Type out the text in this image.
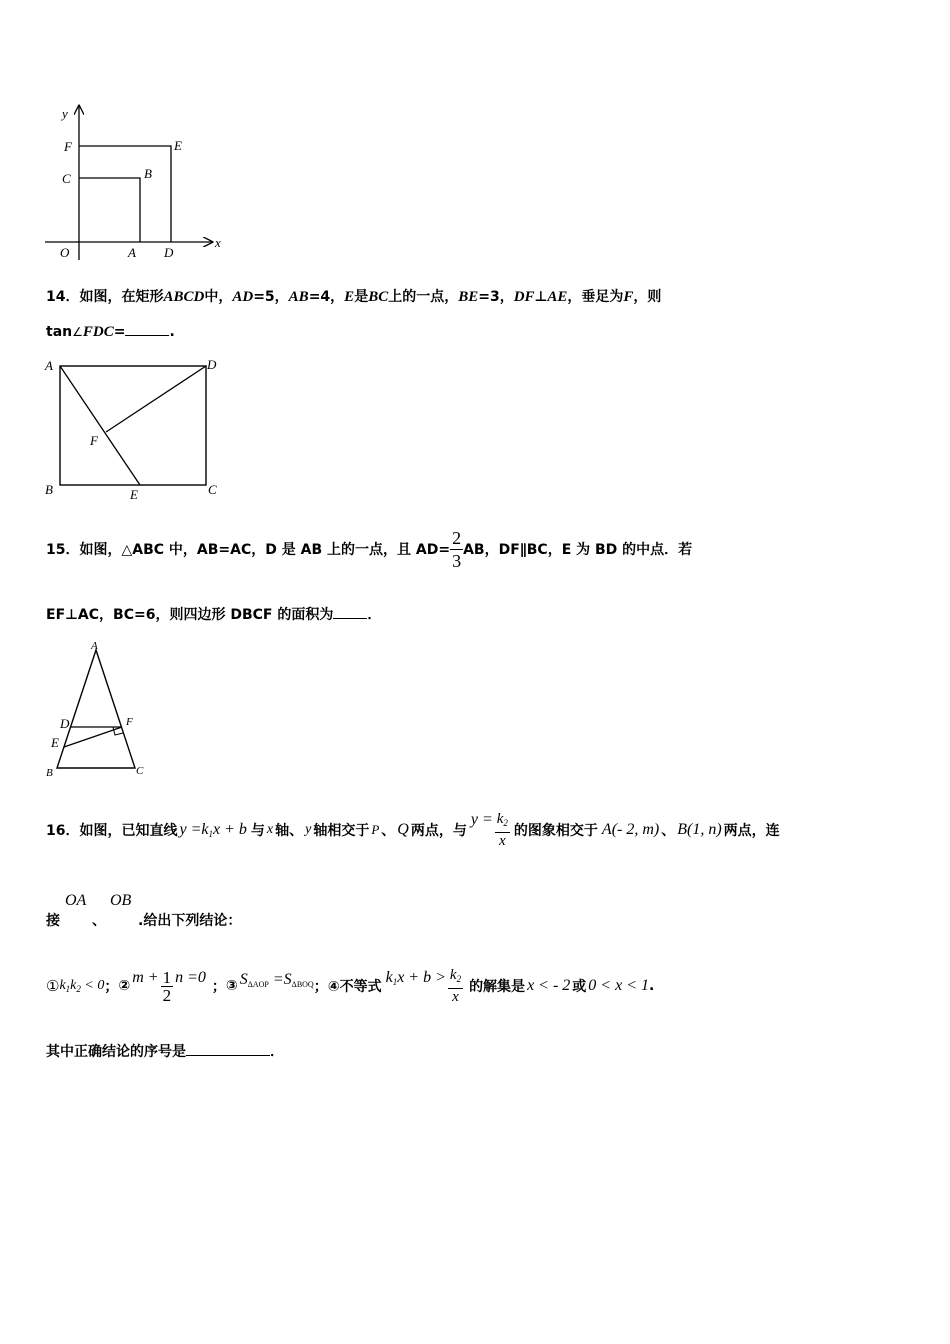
y
x
F	E
C	B
O	A D
14．如图，在矩形ABCD中，AD=5，AB=4，E是BC上的一点，BE=3，DF⊥AE，垂足为F，则
tan∠FDC=	.
A	D
F
B	E	C
15． 如图，△ABC 中，AB=AC，D 是 AB 上的一点，且 $AD= \frac{2}{3}$ AB，DF∥BC，E 为 BD 的中点．若
EF⊥AC，BC=6，则四边形 DBCF 的面积为 ．
A
D	F
E
B	C
16． 如图，已知直线 $y =k_1x + b$ 与 x 轴、 y 轴相交于 P 、 Q 两点，与
$y = \frac{k_2}{x}$ 的图象相交于 A(- 2, m) 、 B(1, n) 两点，连
接
OA
、
OB
.给出下列结论：
① $k_1k_2 < 0$ ； ② $m + \frac{1}{2}$ n =0
； ③ $S_{\Delta AOP} =S_{\Delta BOQ}$ ； ④不等式
$k_1x + b > \frac{k_2}{x}$ 的解集是 x < - 2 或 0 < x < 1 .
其中正确结论的序号是	．
